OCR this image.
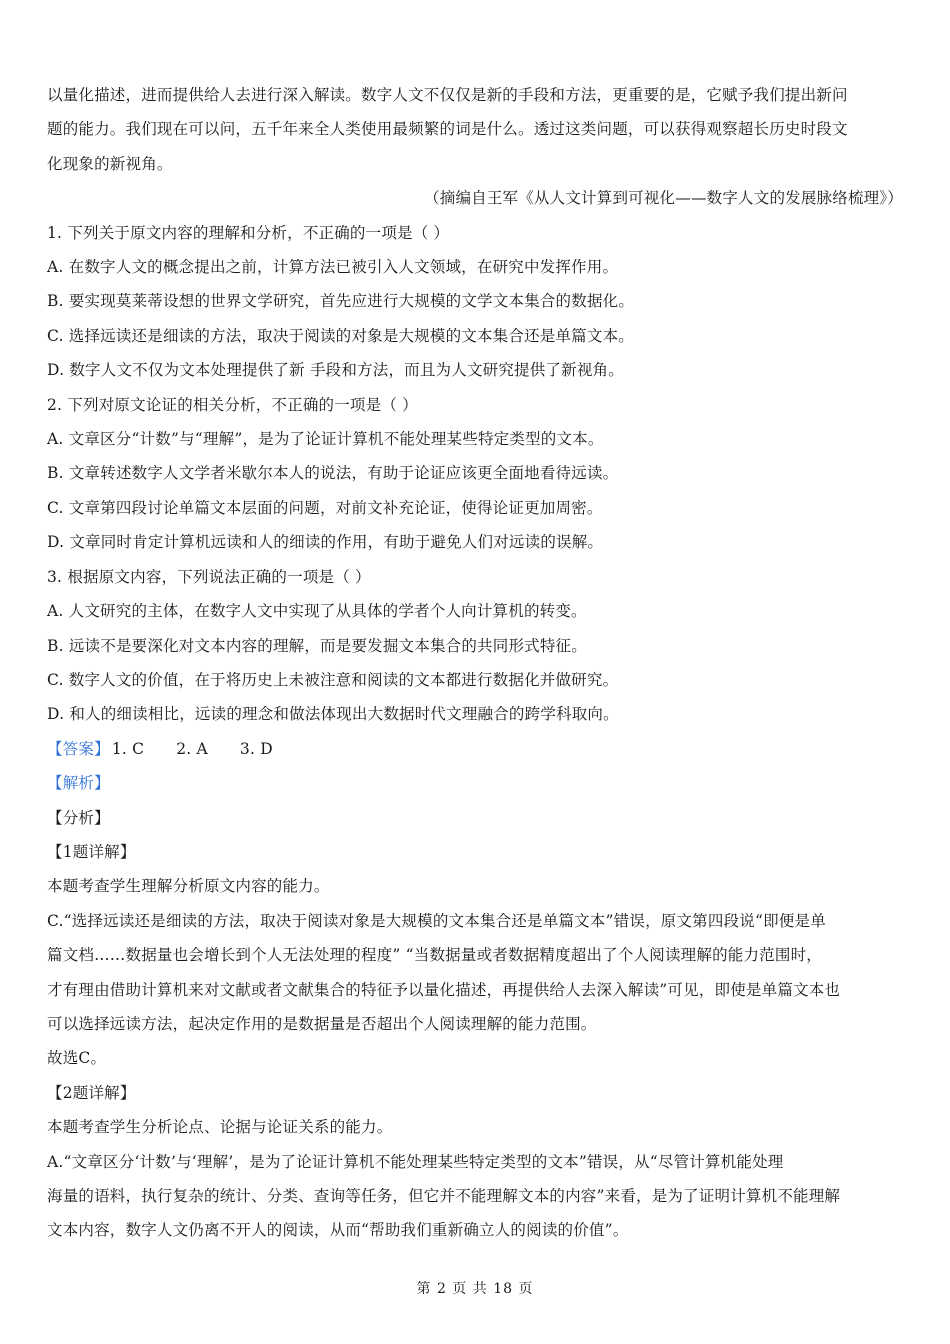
以量化描述，进而提供给人去进行深入解读。数字人文不仅仅是新的手段和方法，更重要的是，它赋予我们提出新问
题的能力。我们现在可以问，五千年来全人类使用最频繁的词是什么。透过这类问题，可以获得观察超长历史时段文
化现象的新视角。
（摘编自王军《从人文计算到可视化——数字人文的发展脉络梳理》）
1. 下列关于原文内容的理解和分析，不正确的一项是（ ）
A. 在数字人文的概念提出之前，计算方法已被引入人文领域，在研究中发挥作用。
B. 要实现莫莱蒂设想的世界文学研究，首先应进行大规模的文学文本集合的数据化。
C. 选择远读还是细读的方法，取决于阅读的对象是大规模的文本集合还是单篇文本。
D. 数字人文不仅为文本处理提供了新 手段和方法，而且为人文研究提供了新视角。
2. 下列对原文论证的相关分析，不正确的一项是（ ）
A. 文章区分“计数”与“理解”，是为了论证计算机不能处理某些特定类型的文本。
B. 文章转述数字人文学者米歇尔本人的说法，有助于论证应该更全面地看待远读。
C. 文章第四段讨论单篇文本层面的问题，对前文补充论证，使得论证更加周密。
D. 文章同时肯定计算机远读和人的细读的作用，有助于避免人们对远读的误解。
3. 根据原文内容，下列说法正确的一项是（ ）
A. 人文研究的主体，在数字人文中实现了从具体的学者个人向计算机的转变。
B. 远读不是要深化对文本内容的理解，而是要发掘文本集合的共同形式特征。
C. 数字人文的价值，在于将历史上未被注意和阅读的文本都进行数据化并做研究。
D. 和人的细读相比，远读的理念和做法体现出大数据时代文理融合的跨学科取向。
【答案】 1. C 2. A 3. D
【解析】
【分析】
【1题详解】
本题考查学生理解分析原文内容的能力。
C.“选择远读还是细读的方法，取决于阅读对象是大规模的文本集合还是单篇文本”错误，原文第四段说“即便是单
篇文档……数据量也会增长到个人无法处理的程度” “当数据量或者数据精度超出了个人阅读理解的能力范围时，
才有理由借助计算机来对文献或者文献集合的特征予以量化描述，再提供给人去深入解读”可见，即使是单篇文本也
可以选择远读方法，起决定作用的是数据量是否超出个人阅读理解的能力范围。
故选C。
【2题详解】
本题考查学生分析论点、论据与论证关系的能力。
A.“文章区分‘计数’与‘理解’，是为了论证计算机不能处理某些特定类型的文本”错误，从“尽管计算机能处理
海量的语料，执行复杂的统计、分类、查询等任务，但它并不能理解文本的内容”来看，是为了证明计算机不能理解
文本内容，数字人文仍离不开人的阅读，从而“帮助我们重新确立人的阅读的价值”。
第 2 页 共 18 页
